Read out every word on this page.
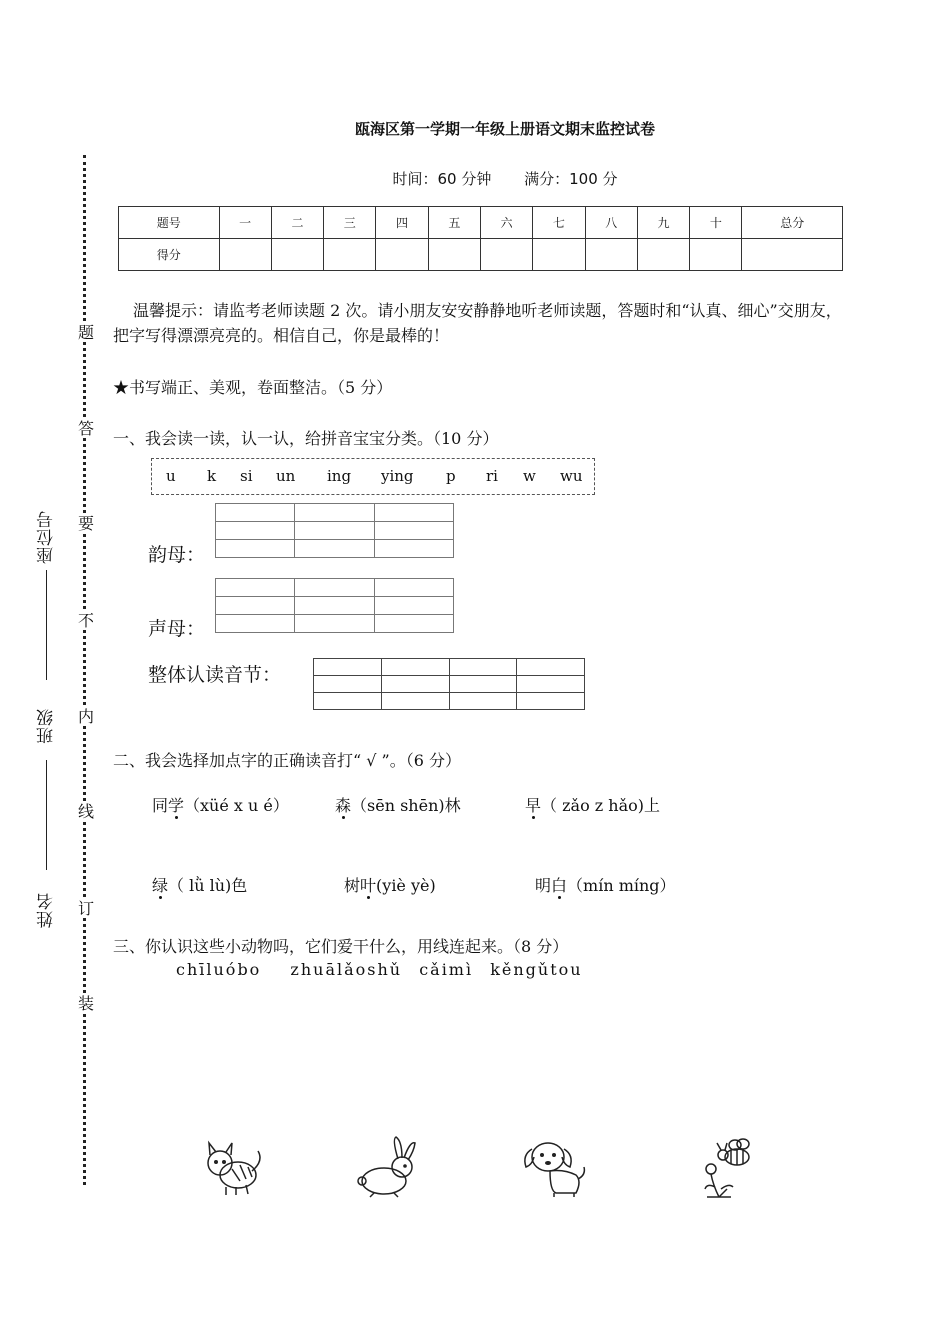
题
答
要
不
内
线
订
装
座位号
班级
姓名
瓯海区第一学期一年级上册语文期末监控试卷
时间：60 分钟 满分：100 分
题号	一	二	三	四	五	六	七	八	九	十	总分
得分											
温馨提示：请监考老师读题 2 次。请小朋友安安静静地听老师读题，答题时和“认真、细心”交朋友，把字写得漂漂亮亮的。相信自己，你是最棒的！
★书写端正、美观，卷面整洁。（5 分）
一、我会读一读，认一认，给拼音宝宝分类。（10 分）
u k si un ing ying p ri w wu
韵母：

声母：

整体认读音节：

二、我会选择加点字的正确读音打“ √ ”。（6 分）
同学（xüé x u é）	森（sēn shēn)林	早（ zǎo z hǎo)上
绿（ lǜ lù)色	树叶(yiè yè)	明白（mín míng）
三、你认识这些小动物吗，它们爱干什么，用线连起来。（8 分）
chīluóbo zhuālǎoshǔ cǎimì kěngǔtou
